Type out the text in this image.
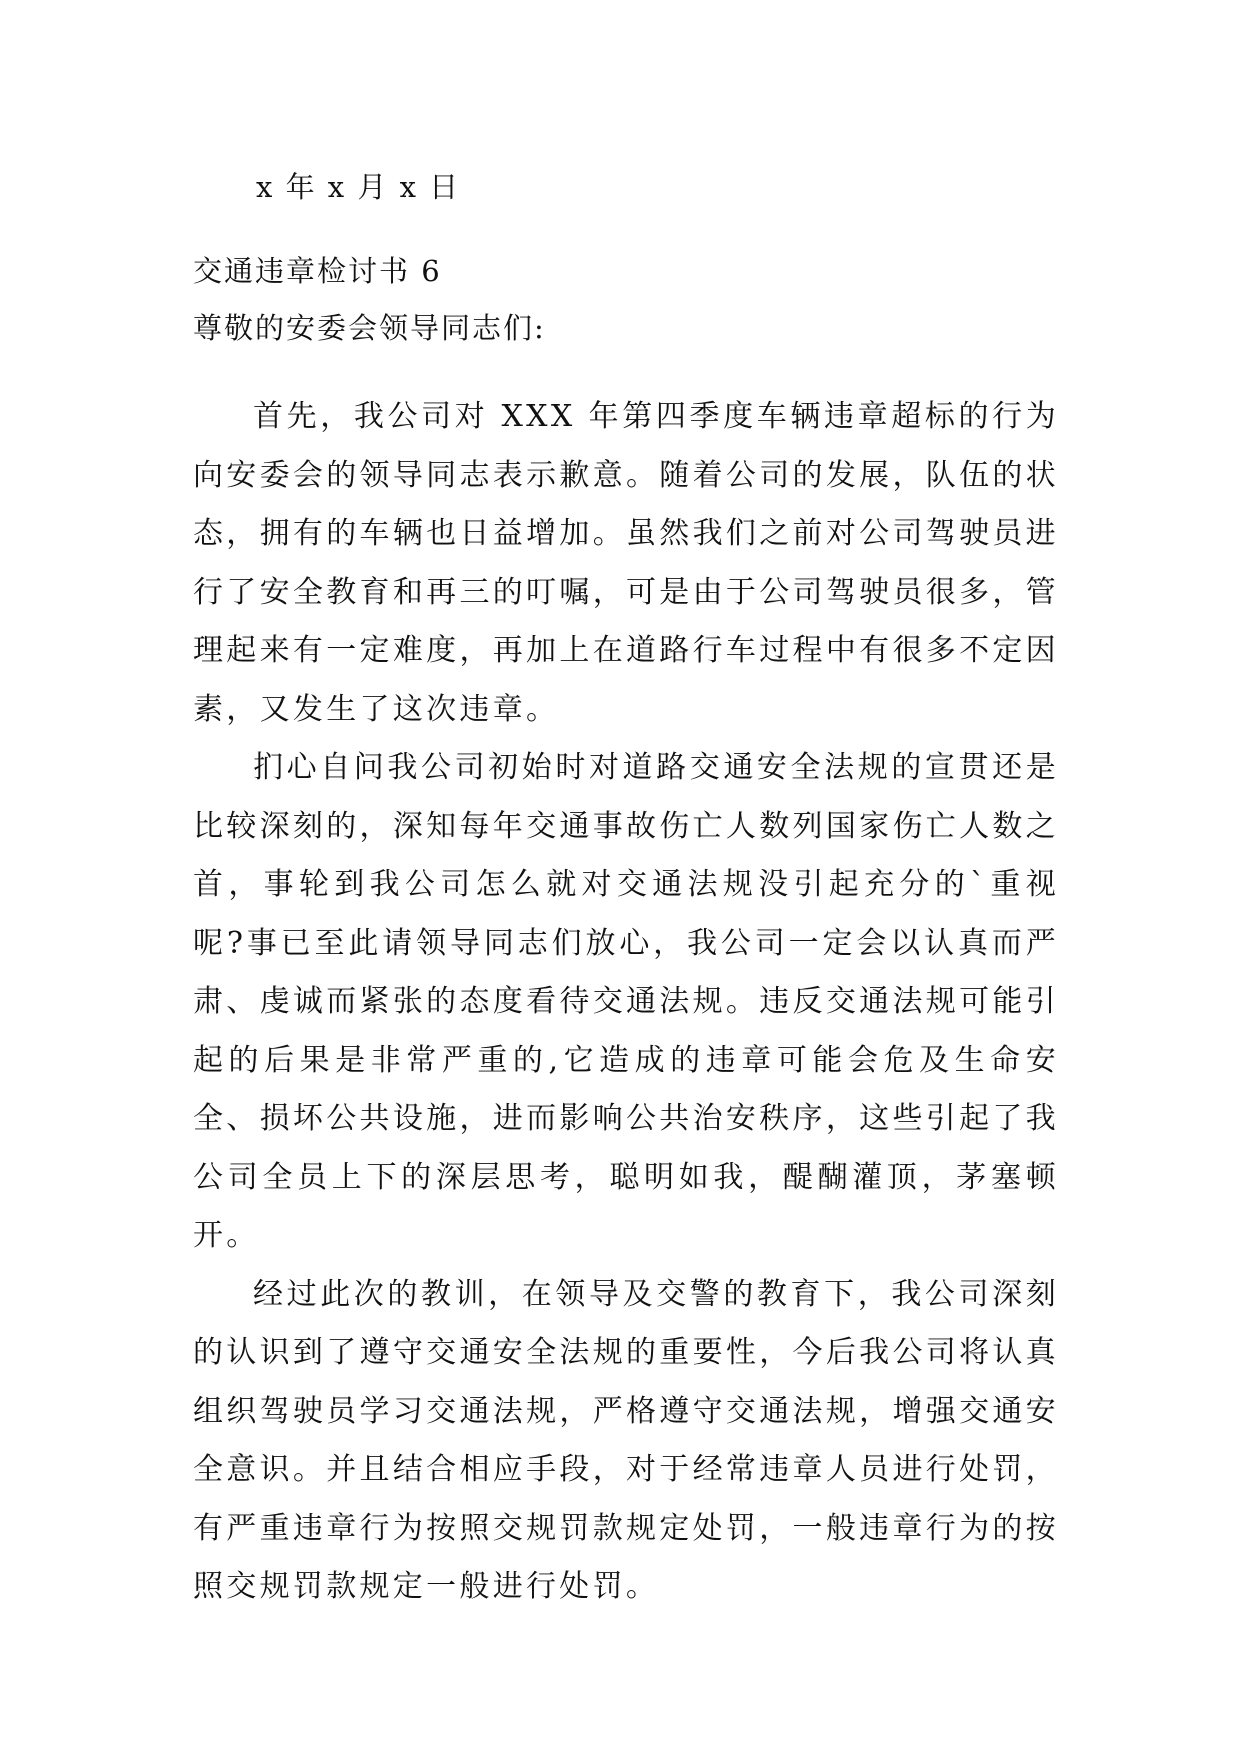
x 年 x 月 x 日
交通违章检讨书 6
尊敬的安委会领导同志们:

首先，我公司对 XXX 年第四季度车辆违章超标的行为向安委会的领导同志表示歉意。随着公司的发展，队伍的状态，拥有的车辆也日益增加。虽然我们之前对公司驾驶员进行了安全教育和再三的叮嘱，可是由于公司驾驶员很多，管理起来有一定难度，再加上在道路行车过程中有很多不定因素，又发生了这次违章。

扪心自问我公司初始时对道路交通安全法规的宣贯还是比较深刻的，深知每年交通事故伤亡人数列国家伤亡人数之首，事轮到我公司怎么就对交通法规没引起充分的`重视呢?事已至此请领导同志们放心，我公司一定会以认真而严肃、虔诚而紧张的态度看待交通法规。违反交通法规可能引起的后果是非常严重的,它造成的违章可能会危及生命安全、损坏公共设施，进而影响公共治安秩序，这些引起了我公司全员上下的深层思考，聪明如我，醍醐灌顶，茅塞顿开。

经过此次的教训，在领导及交警的教育下，我公司深刻的认识到了遵守交通安全法规的重要性，今后我公司将认真组织驾驶员学习交通法规，严格遵守交通法规，增强交通安全意识。并且结合相应手段，对于经常违章人员进行处罚，有严重违章行为按照交规罚款规定处罚，一般违章行为的按照交规罚款规定一般进行处罚。
